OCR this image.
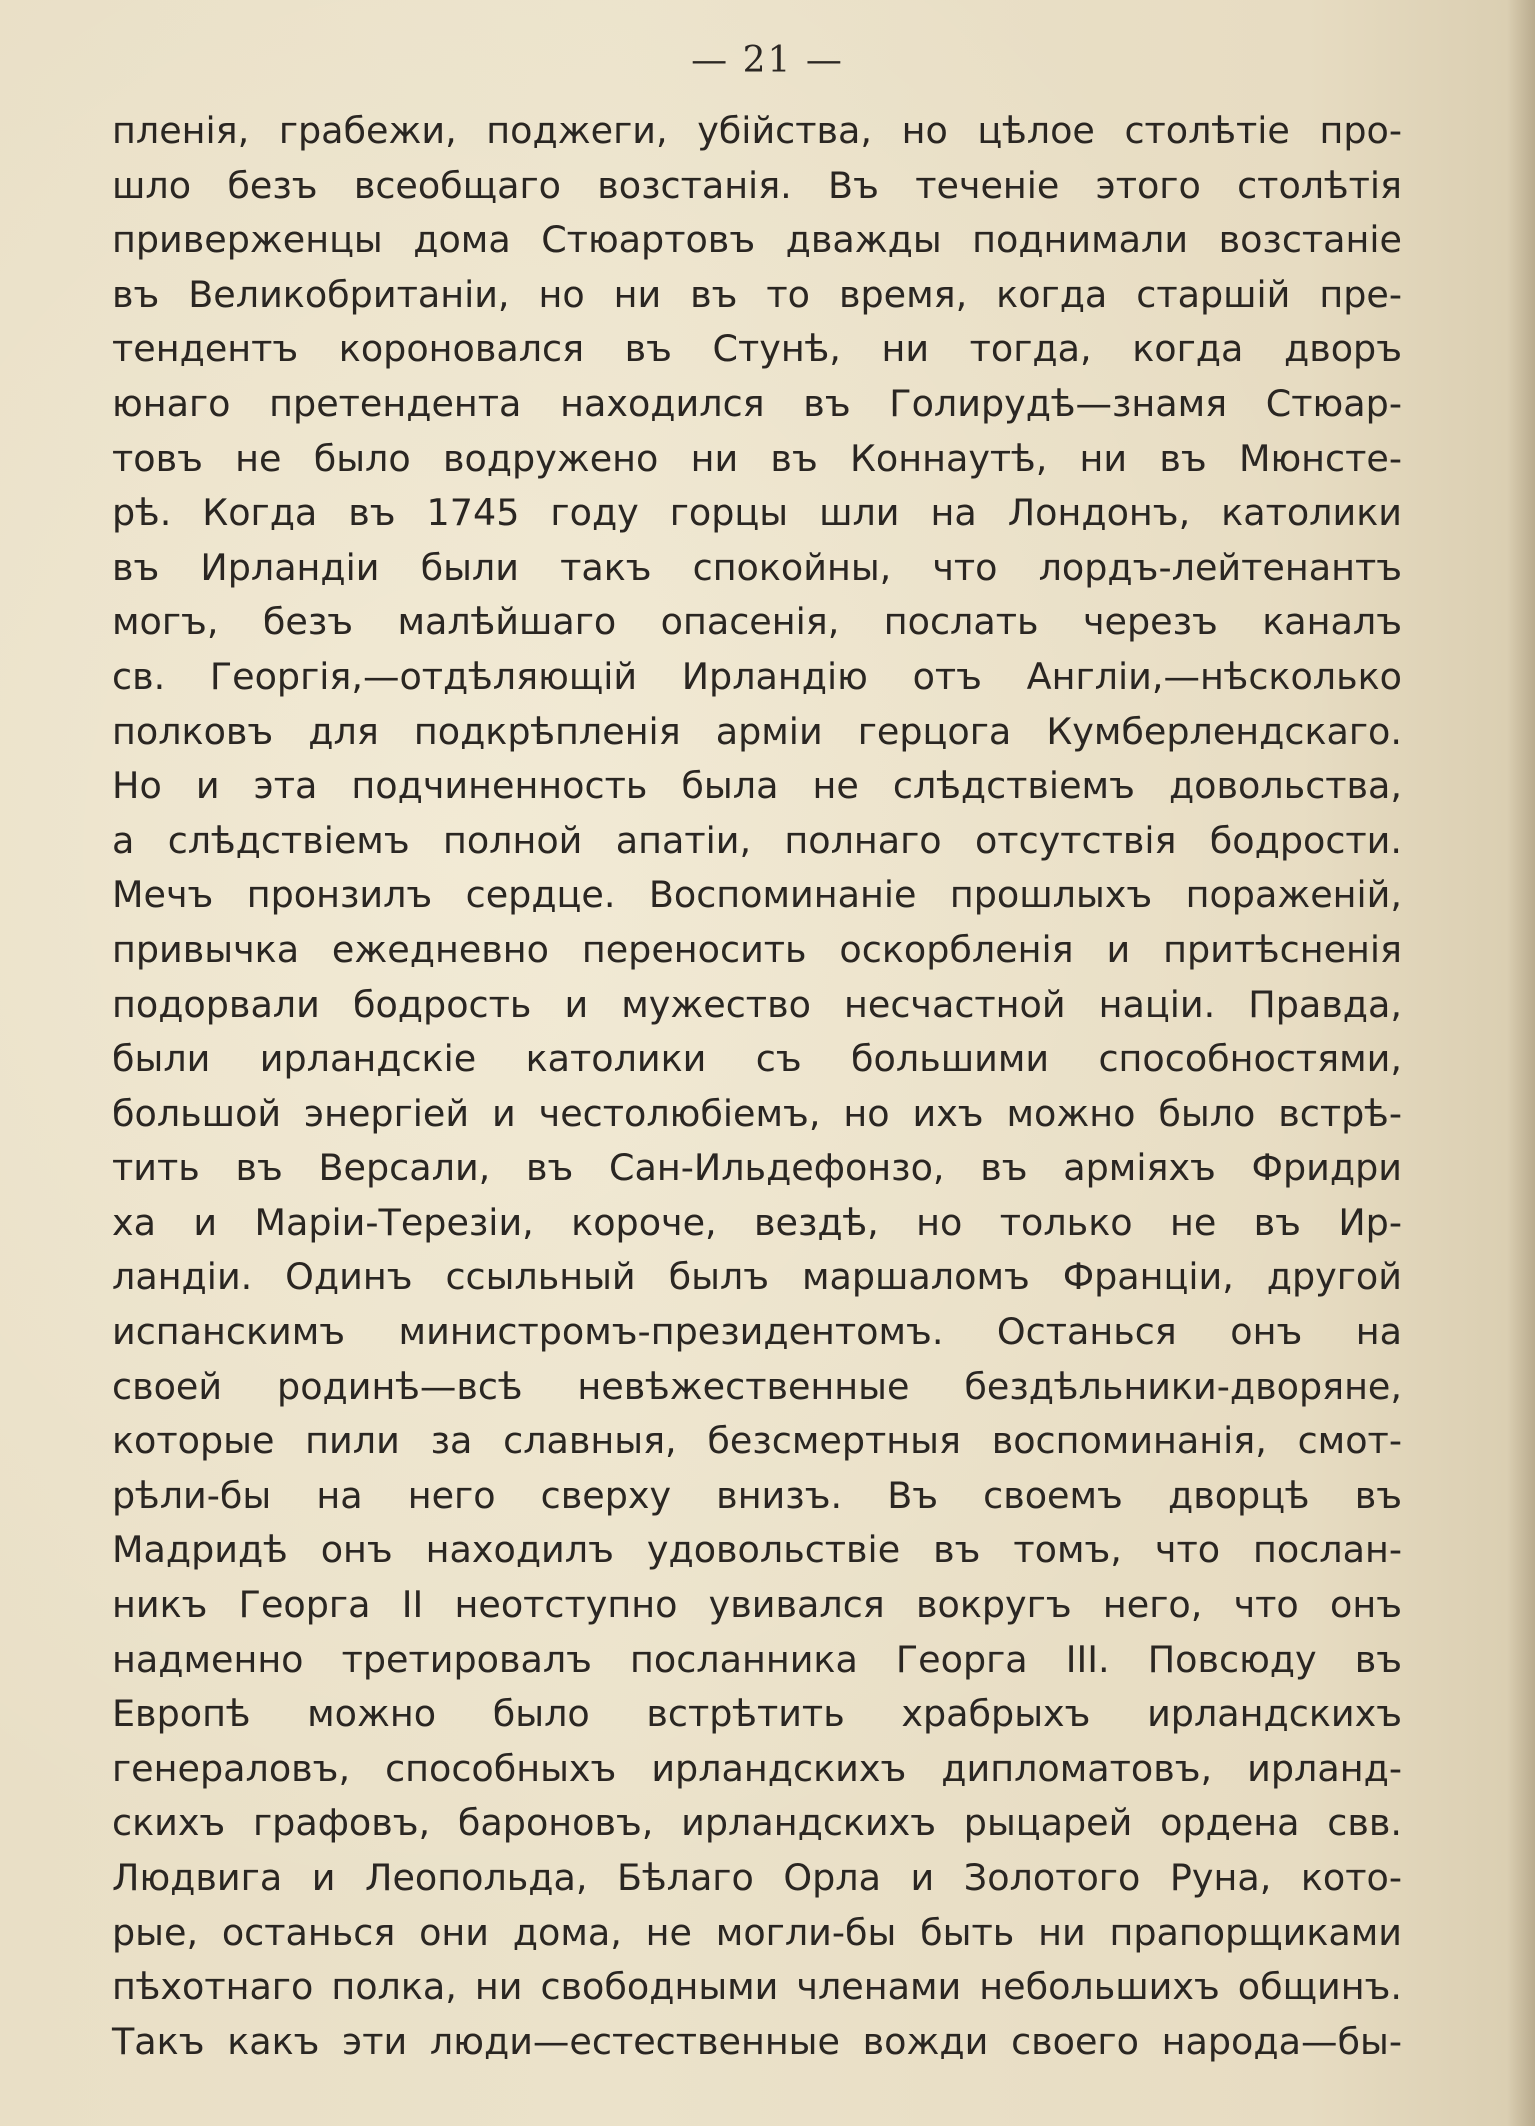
— 21 —
пленія, грабежи, поджеги, убійства, но цѣлое столѣтіе про-
шло безъ всеобщаго возстанія. Въ теченіе этого столѣтія
приверженцы дома Стюартовъ дважды поднимали возстаніе
въ Великобританіи, но ни въ то время, когда старшій пре-
тендентъ короновался въ Стунѣ, ни тогда, когда дворъ
юнаго претендента находился въ Голирудѣ—знамя Стюар-
товъ не было водружено ни въ Коннаутѣ, ни въ Мюнсте-
рѣ. Когда въ 1745 году горцы шли на Лондонъ, католики
въ Ирландіи были такъ спокойны, что лордъ-лейтенантъ
могъ, безъ малѣйшаго опасенія, послать черезъ каналъ
св. Георгія,—отдѣляющій Ирландію отъ Англіи,—нѣсколько
полковъ для подкрѣпленія арміи герцога Кумберлендскаго.
Но и эта подчиненность была не слѣдствіемъ довольства,
а слѣдствіемъ полной апатіи, полнаго отсутствія бодрости.
Мечъ пронзилъ сердце. Воспоминаніе прошлыхъ пораженій,
привычка ежедневно переносить оскорбленія и притѣсненія
подорвали бодрость и мужество несчастной націи. Правда,
были ирландскіе католики съ большими способностями,
большой энергіей и честолюбіемъ, но ихъ можно было встрѣ-
тить въ Версали, въ Сан-Ильдефонзо, въ арміяхъ Фридри
ха и Маріи-Терезіи, короче, вездѣ, но только не въ Ир-
ландіи. Одинъ ссыльный былъ маршаломъ Франціи, другой
испанскимъ министромъ-президентомъ. Останься онъ на
своей родинѣ—всѣ невѣжественные бездѣльники-дворяне,
которые пили за славныя, безсмертныя воспоминанія, смот-
рѣли-бы на него сверху внизъ. Въ своемъ дворцѣ въ
Мадридѣ онъ находилъ удовольствіе въ томъ, что послан-
никъ Георга II неотступно увивался вокругъ него, что онъ
надменно третировалъ посланника Георга III. Повсюду въ
Европѣ можно было встрѣтить храбрыхъ ирландскихъ
генераловъ, способныхъ ирландскихъ дипломатовъ, ирланд-
скихъ графовъ, бароновъ, ирландскихъ рыцарей ордена свв.
Людвига и Леопольда, Бѣлаго Орла и Золотого Руна, кото-
рые, останься они дома, не могли-бы быть ни прапорщиками
пѣхотнаго полка, ни свободными членами небольшихъ общинъ.
Такъ какъ эти люди—естественные вожди своего народа—бы-
